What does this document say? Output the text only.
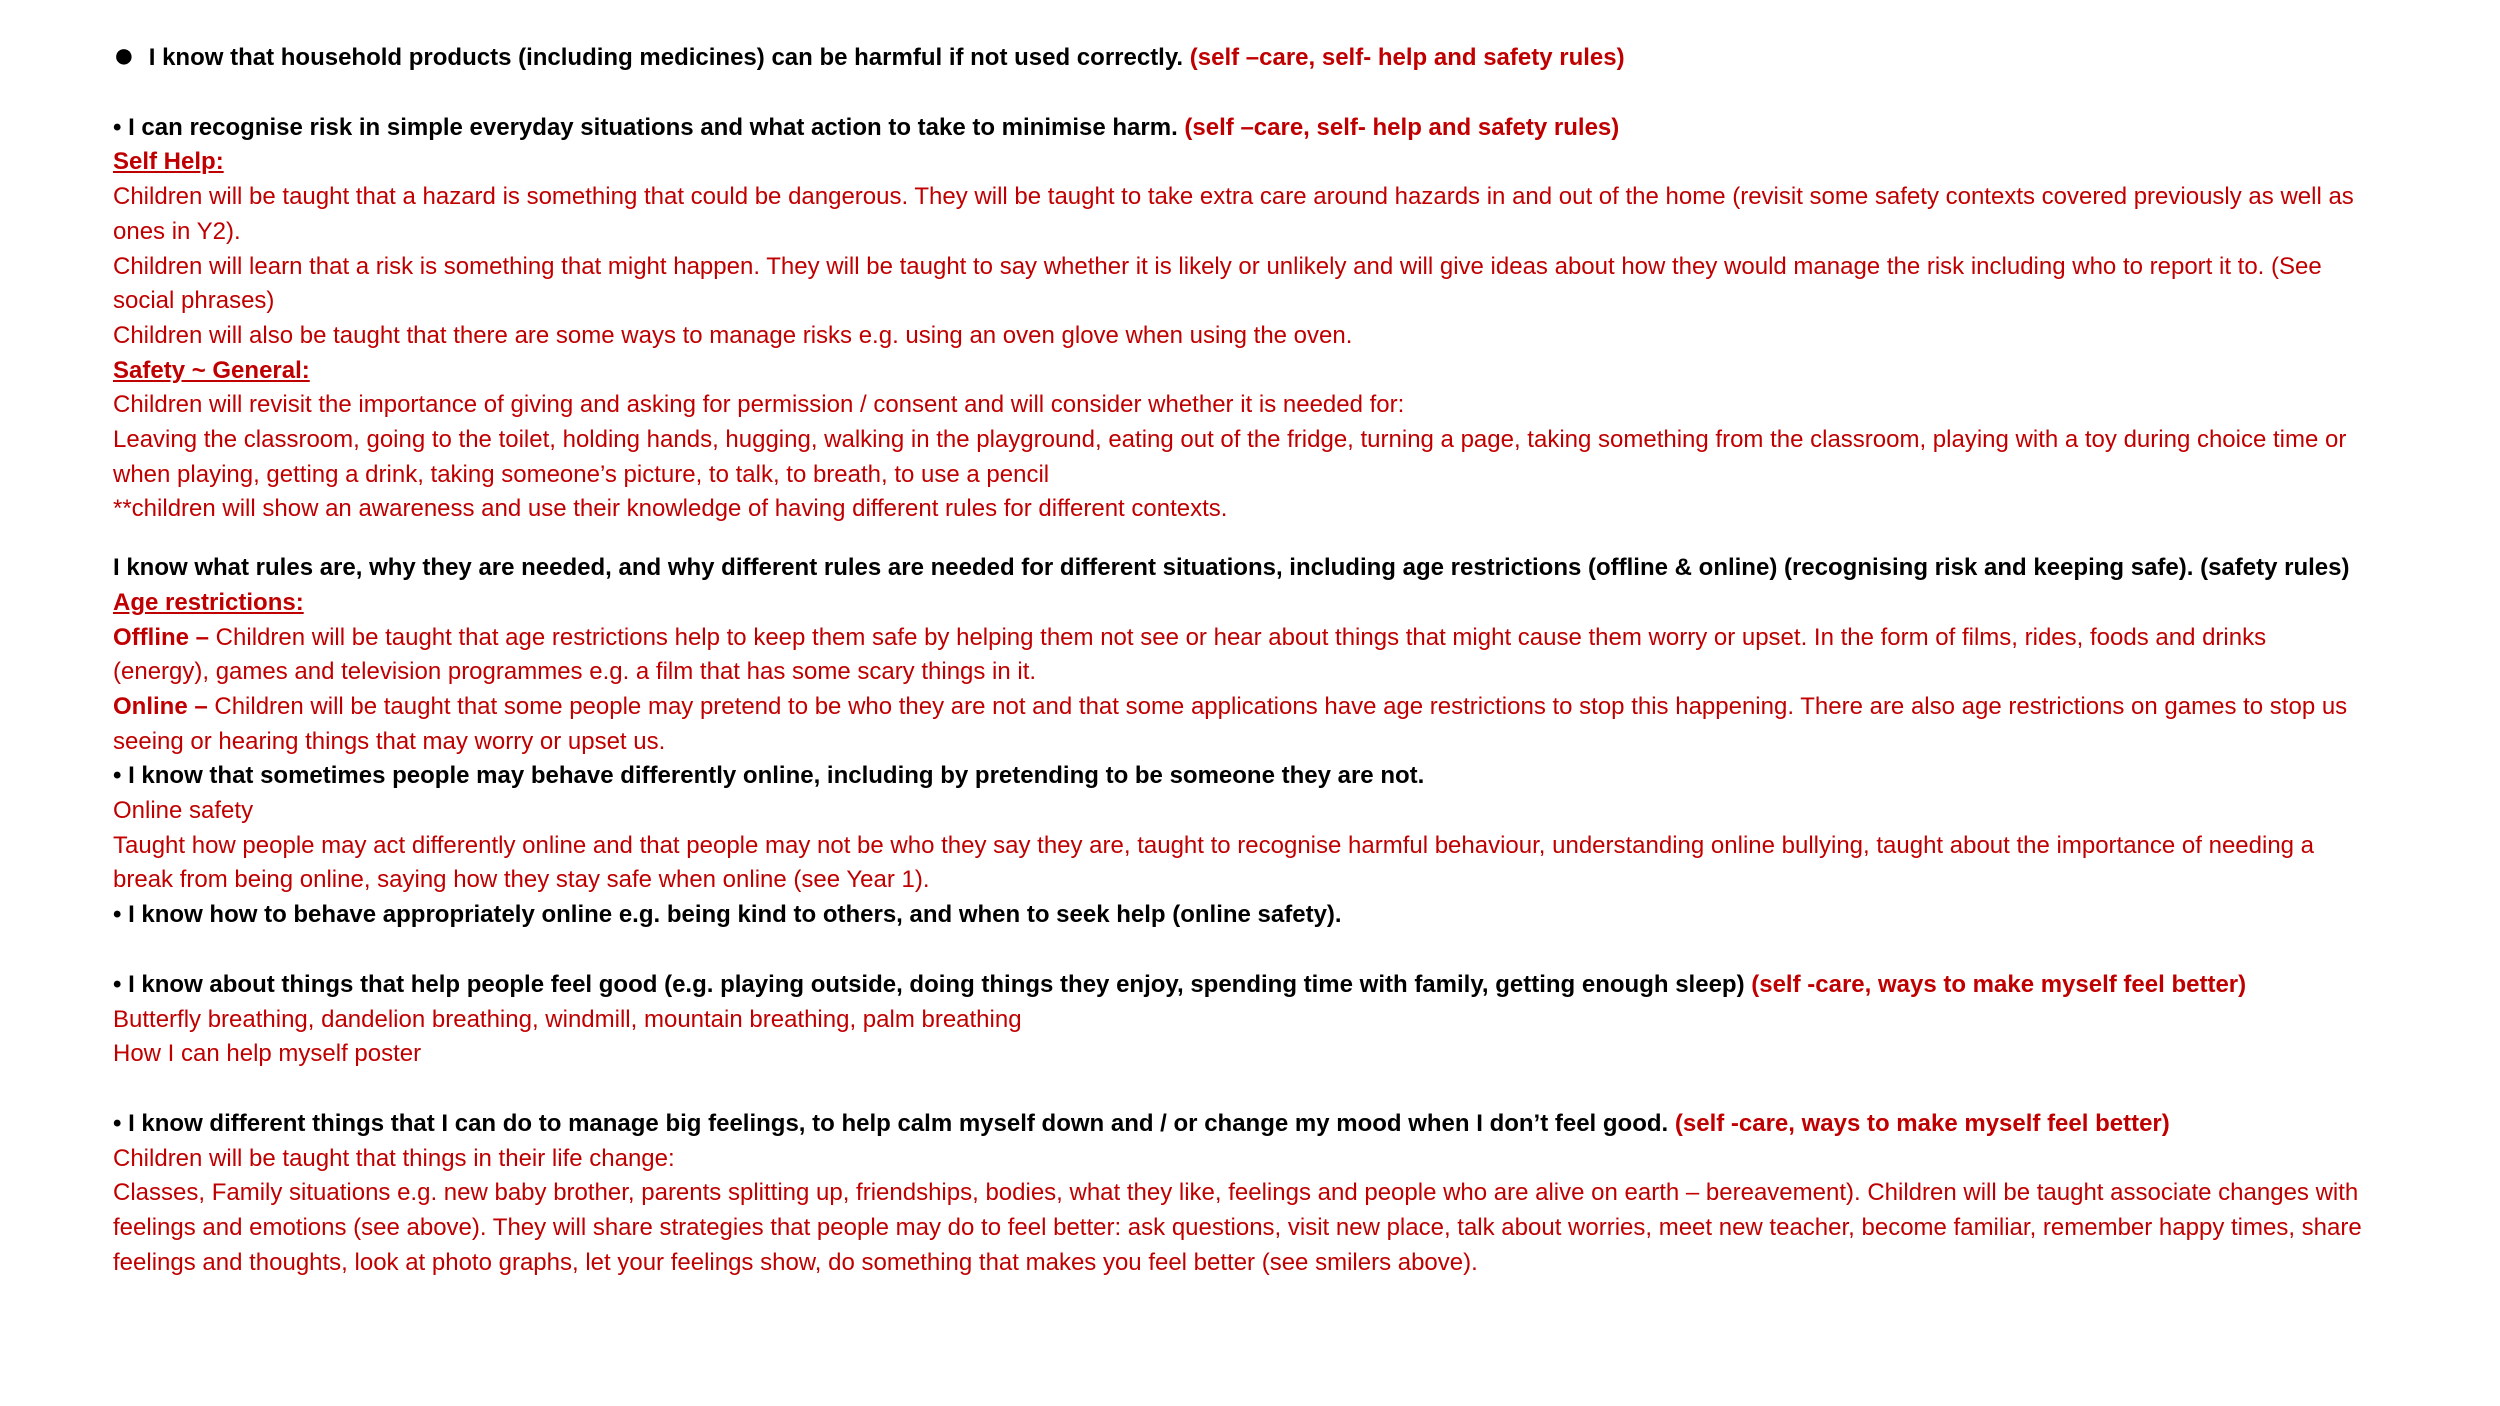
● I know that household products (including medicines) can be harmful if not used correctly. (self –care, self- help and safety rules)

• I can recognise risk in simple everyday situations and what action to take to minimise harm. (self –care, self- help and safety rules)

Self Help:

Children will be taught that a hazard is something that could be dangerous. They will be taught to take extra care around hazards in and out of the home (revisit some safety contexts covered previously as well as ones in Y2).

Children will learn that a risk is something that might happen. They will be taught to say whether it is likely or unlikely and will give ideas about how they would manage the risk including who to report it to. (See social phrases)

Children will also be taught that there are some ways to manage risks e.g. using an oven glove when using the oven.

Safety ~ General:

Children will revisit the importance of giving and asking for permission / consent and will consider whether it is needed for:

Leaving the classroom, going to the toilet, holding hands, hugging, walking in the playground, eating out of the fridge, turning a page, taking something from the classroom, playing with a toy during choice time or when playing, getting a drink, taking someone’s picture, to talk, to breath, to use a pencil

**children will show an awareness and use their knowledge of having different rules for different contexts.

I know what rules are, why they are needed, and why different rules are needed for different situations, including age restrictions (offline & online) (recognising risk and keeping safe). (safety rules)

Age restrictions:

Offline – Children will be taught that age restrictions help to keep them safe by helping them not see or hear about things that might cause them worry or upset. In the form of films, rides, foods and drinks (energy), games and television programmes e.g. a film that has some scary things in it.

Online – Children will be taught that some people may pretend to be who they are not and that some applications have age restrictions to stop this happening. There are also age restrictions on games to stop us seeing or hearing things that may worry or upset us.

• I know that sometimes people may behave differently online, including by pretending to be someone they are not.

Online safety

Taught how people may act differently online and that people may not be who they say they are, taught to recognise harmful behaviour, understanding online bullying, taught about the importance of needing a break from being online, saying how they stay safe when online (see Year 1).

• I know how to behave appropriately online e.g. being kind to others, and when to seek help (online safety).

• I know about things that help people feel good (e.g. playing outside, doing things they enjoy, spending time with family, getting enough sleep) (self -care, ways to make myself feel better)

Butterfly breathing, dandelion breathing, windmill, mountain breathing, palm breathing

How I can help myself poster

• I know different things that I can do to manage big feelings, to help calm myself down and / or change my mood when I don’t feel good. (self -care, ways to make myself feel better)

Children will be taught that things in their life change:

Classes, Family situations e.g. new baby brother, parents splitting up, friendships, bodies, what they like, feelings and people who are alive on earth – bereavement). Children will be taught associate changes with feelings and emotions (see above). They will share strategies that people may do to feel better: ask questions, visit new place, talk about worries, meet new teacher, become familiar, remember happy times, share feelings and thoughts, look at photo graphs, let your feelings show, do something that makes you feel better (see smilers above).
